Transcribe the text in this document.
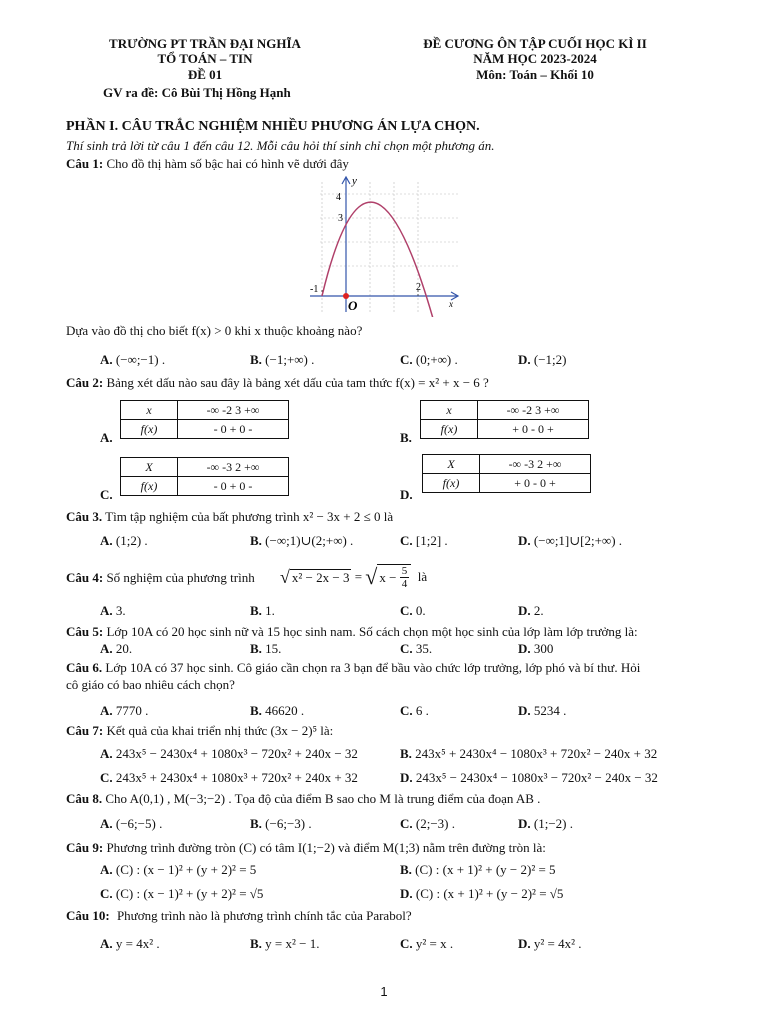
TRƯỜNG PT TRẦN ĐẠI NGHĨA
TỔ TOÁN – TIN
ĐỀ 01
GV ra đề: Cô Bùi Thị Hồng Hạnh
ĐỀ CƯƠNG ÔN TẬP CUỐI HỌC KÌ II
NĂM HỌC 2023-2024
Môn: Toán – Khối 10
PHẦN I. CÂU TRẮC NGHIỆM NHIỀU PHƯƠNG ÁN LỰA CHỌN.
Thí sinh trả lời từ câu 1 đến câu 12. Mỗi câu hỏi thí sinh chỉ chọn một phương án.
Câu 1: Cho đồ thị hàm số bậc hai có hình vẽ dưới đây
y
x
O
4
3
-1	2
Dựa vào đồ thị cho biết f(x) > 0 khi x thuộc khoảng nào?
A. (−∞;−1) .	B. (−1;+∞) .	C. (0;+∞) .	D. (−1;2)
Câu 2: Bảng xét dấu nào sau đây là bảng xét dấu của tam thức f(x) = x² + x − 6 ?
A.
x	-∞ -2 3 +∞
f(x)	- 0 + 0 -
B.
x	-∞ -2 3 +∞
f(x)	+ 0 - 0 +
C.
X	-∞ -3 2 +∞
f(x)	- 0 + 0 -
D.
X	-∞ -3 2 +∞
f(x)	+ 0 - 0 +
Câu 3. Tìm tập nghiệm của bất phương trình x² − 3x + 2 ≤ 0 là
A. (1;2) .	B. (−∞;1)∪(2;+∞) .	C. [1;2] .	D. (−∞;1]∪[2;+∞) .
Câu 4: Số nghiệm của phương trình √ x² − 2x − 3 = √ $x - \frac{5}{4}$ là
A. 3.	B. 1.	C. 0.	D. 2.
Câu 5: Lớp 10A có 20 học sinh nữ và 15 học sinh nam. Số cách chọn một học sinh của lớp làm lớp trưởng là:
A. 20.	B. 15.	C. 35.	D. 300
Câu 6. Lớp 10A có 37 học sinh. Cô giáo cần chọn ra 3 bạn để bầu vào chức lớp trưởng, lớp phó và bí thư. Hỏi
cô giáo có bao nhiêu cách chọn?
A. 7770 .	B. 46620 .	C. 6 .	D. 5234 .
Câu 7: Kết quả của khai triển nhị thức (3x − 2)⁵ là:
A. 243x⁵ − 2430x⁴ + 1080x³ − 720x² + 240x − 32	B. 243x⁵ + 2430x⁴ − 1080x³ + 720x² − 240x + 32
C. 243x⁵ + 2430x⁴ + 1080x³ + 720x² + 240x + 32	D. 243x⁵ − 2430x⁴ − 1080x³ − 720x² − 240x − 32
Câu 8. Cho A(0,1) , M(−3;−2) . Tọa độ của điểm B sao cho M là trung điểm của đoạn AB .
A. (−6;−5) .	B. (−6;−3) .	C. (2;−3) .	D. (1;−2) .
Câu 9: Phương trình đường tròn (C) có tâm I(1;−2) và điểm M(1;3) nằm trên đường tròn là:
A. (C) : (x − 1)² + (y + 2)² = 5	B. (C) : (x + 1)² + (y − 2)² = 5
C. (C) : (x − 1)² + (y + 2)² = √5	D. (C) : (x + 1)² + (y − 2)² = √5
Câu 10: Phương trình nào là phương trình chính tắc của Parabol?
A. y = 4x² .	B. y = x² − 1.	C. y² = x .	D. y² = 4x² .
1
